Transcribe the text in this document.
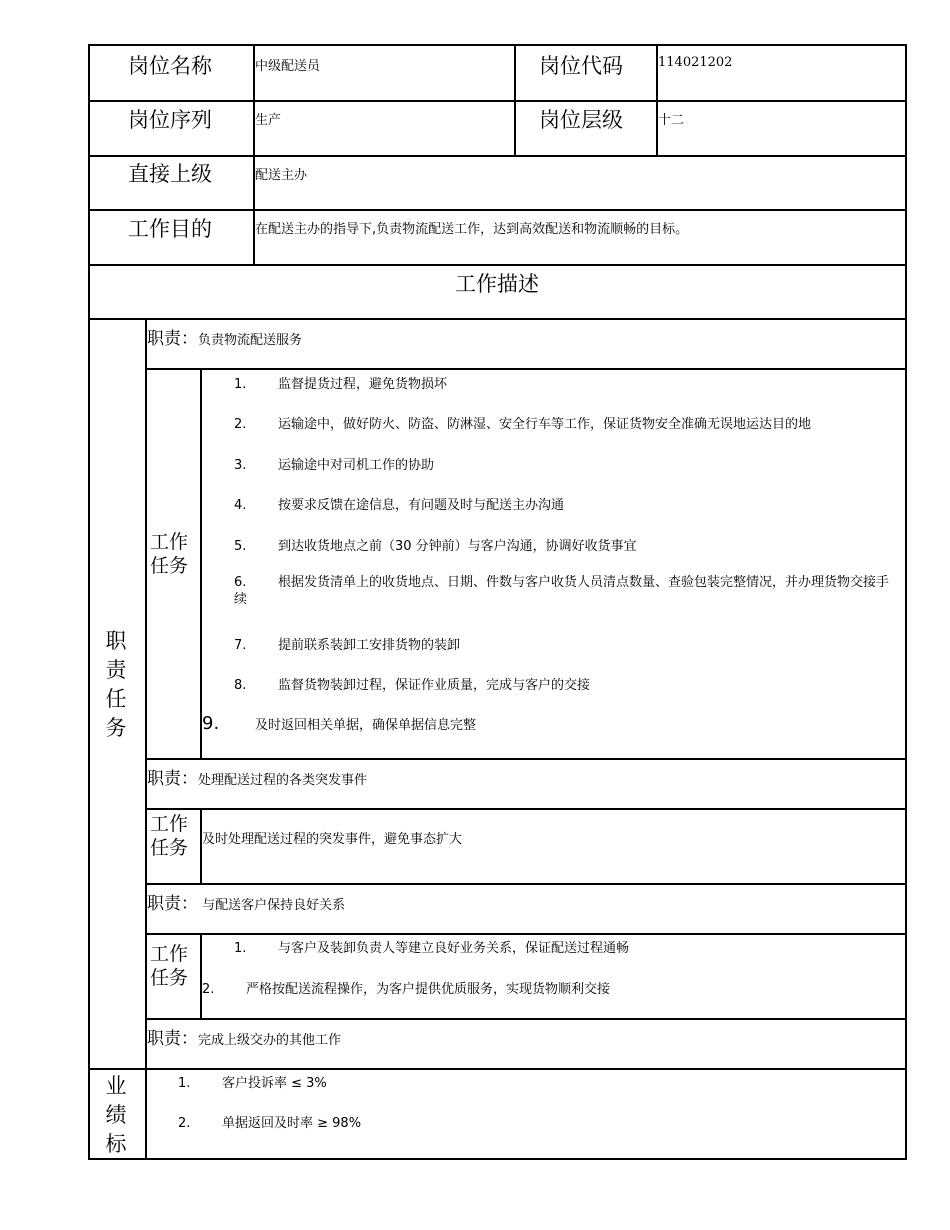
岗位名称	中级配送员	岗位代码	114021202
岗位序列	生产	岗位层级	十二
直接上级	配送主办
工作目的	在配送主办的指导下,负责物流配送工作，达到高效配送和物流顺畅的目标。
工作描述
职责任务
职责：负责物流配送服务
工作任务
1. 监督提货过程，避免货物损坏
2. 运输途中，做好防火、防盗、防淋湿、安全行车等工作，保证货物安全准确无误地运达目的地
3. 运输途中对司机工作的协助
4. 按要求反馈在途信息，有问题及时与配送主办沟通
5. 到达收货地点之前（30 分钟前）与客户沟通，协调好收货事宜
6. 根据发货清单上的收货地点、日期、件数与客户收货人员清点数量、查验包装完整情况，并办理货物交接手续
7. 提前联系装卸工安排货物的装卸
8. 监督货物装卸过程，保证作业质量，完成与客户的交接
9.	及时返回相关单据，确保单据信息完整
职责：处理配送过程的各类突发事件
工作任务	及时处理配送过程的突发事件，避免事态扩大
职责： 与配送客户保持良好关系
工作任务
1. 与客户及装卸负责人等建立良好业务关系，保证配送过程通畅
2. 严格按配送流程操作，为客户提供优质服务，实现货物顺利交接
职责：完成上级交办的其他工作
业绩标
1. 客户投诉率 ≤ 3%
2. 单据返回及时率 ≥ 98%
